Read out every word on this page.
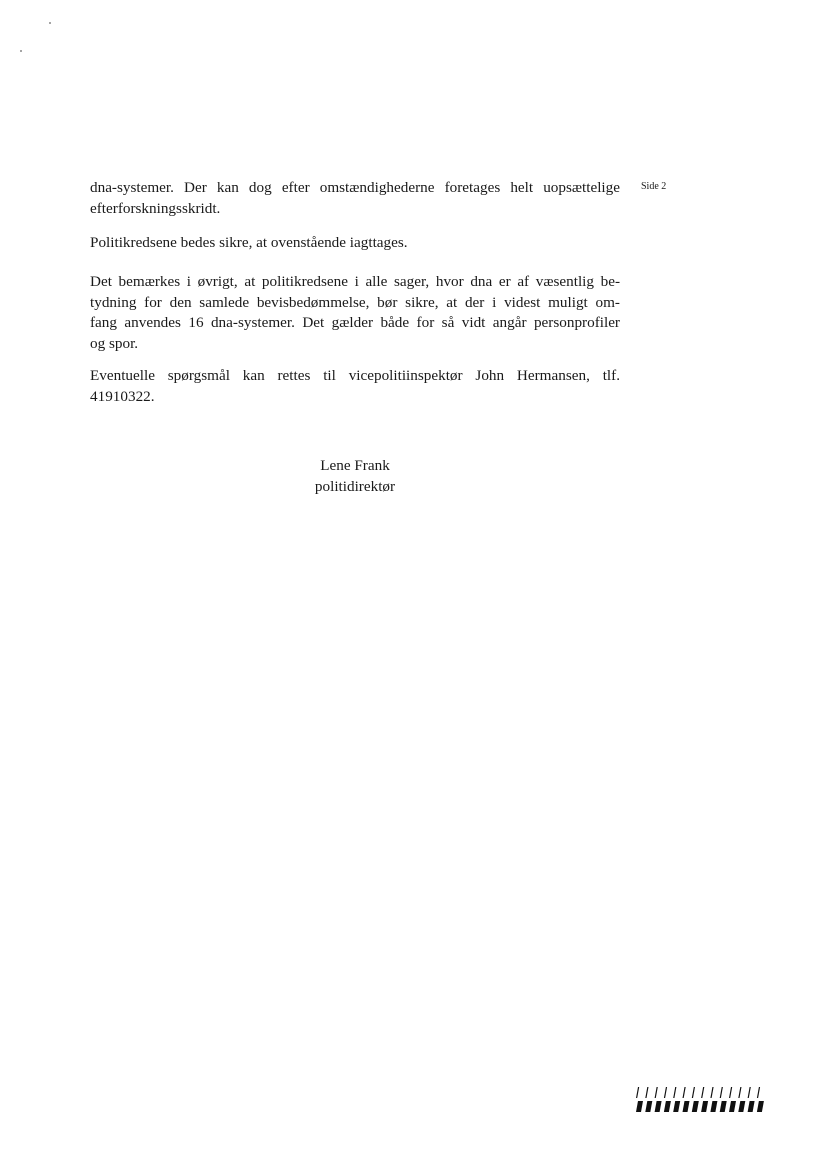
Side 2
dna-systemer. Der kan dog efter omstændighederne foretages helt uopsættelige
efterforskningsskridt.
Politikredsene bedes sikre, at ovenstående iagttages.
Det bemærkes i øvrigt, at politikredsene i alle sager, hvor dna er af væsentlig be-
tydning for den samlede bevisbedømmelse, bør sikre, at der i videst muligt om-
fang anvendes 16 dna-systemer. Det gælder både for så vidt angår personprofiler
og spor.
Eventuelle spørgsmål kan rettes til vicepolitiinspektør John Hermansen, tlf.
41910322.
Lene Frank
politidirektør
